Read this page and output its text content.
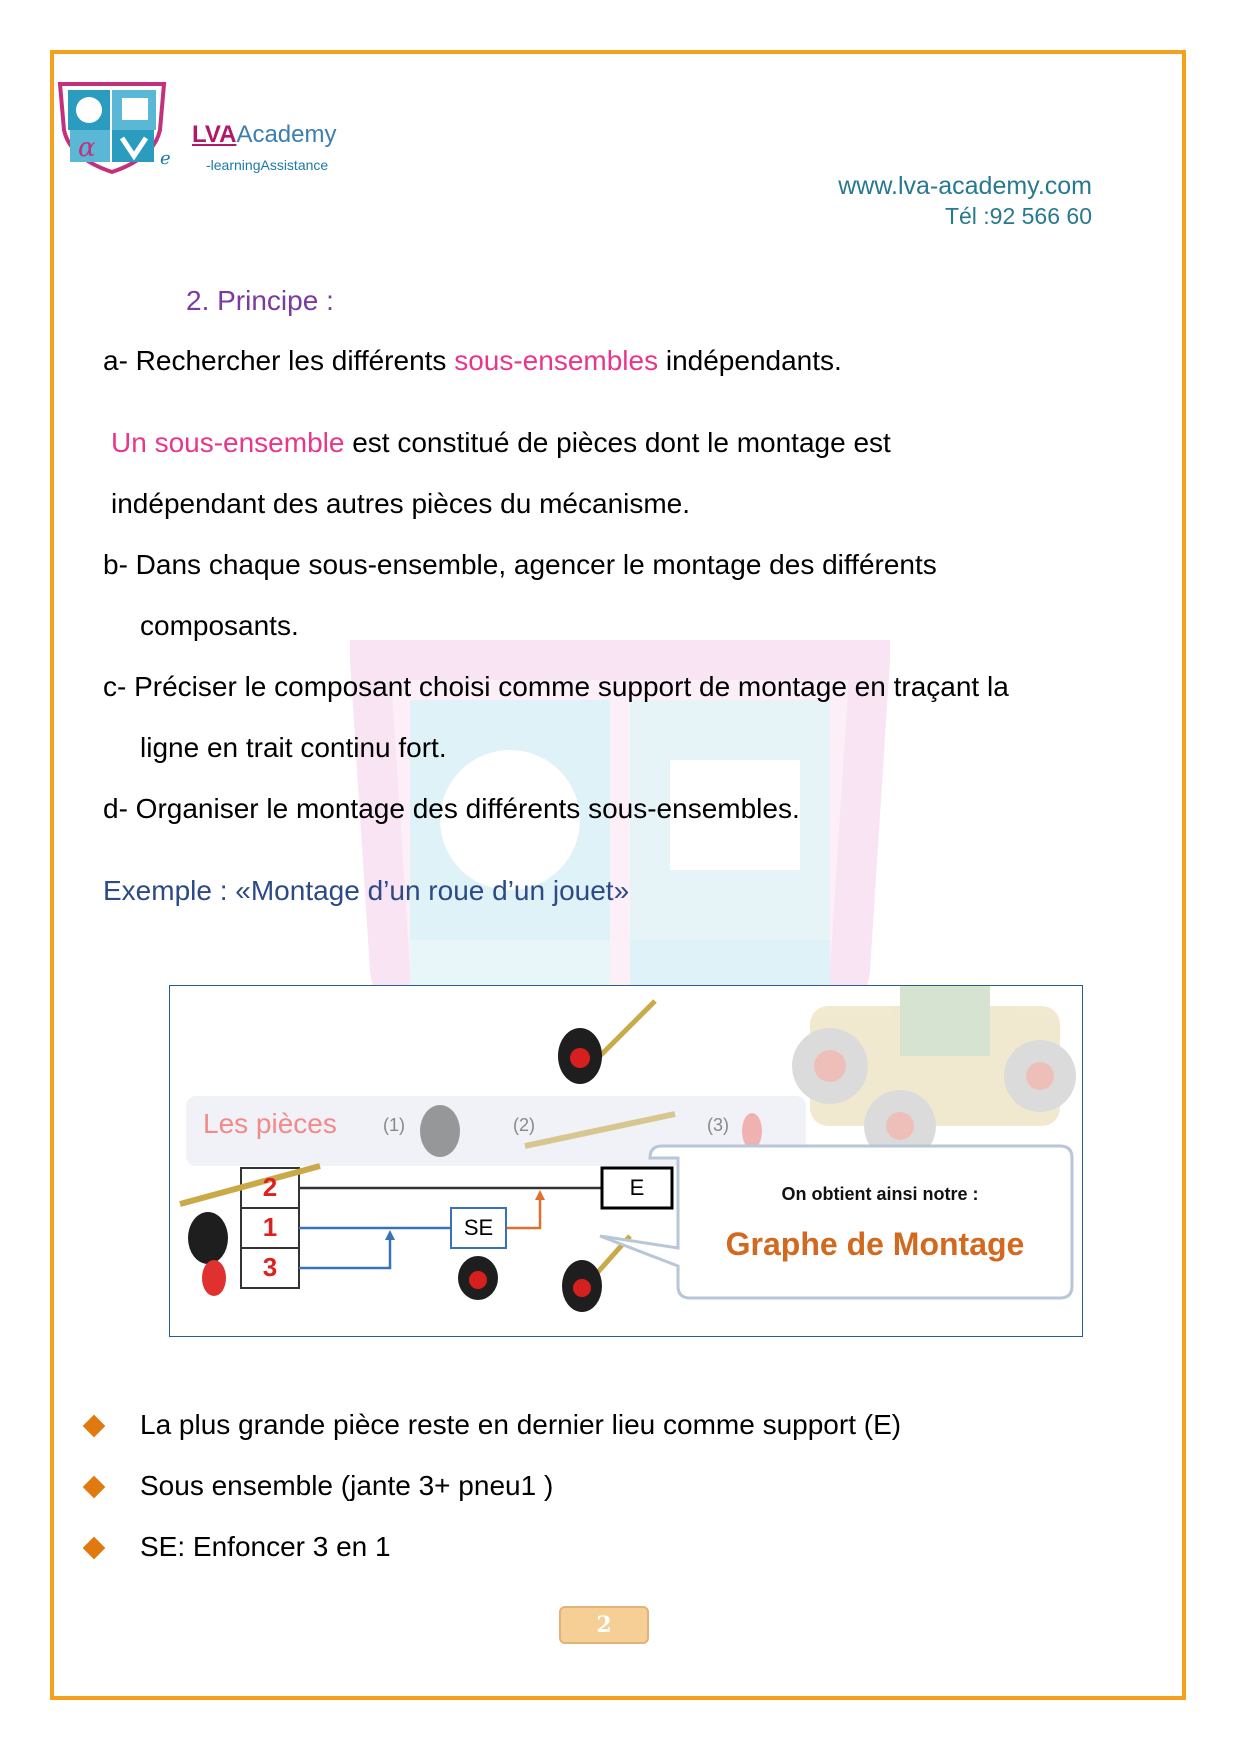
α	LVAAcademy
e	-learningAssistance
www.lva-academy.com
Tél :92 566 60
2. Principe :
a- Rechercher les différents sous-ensembles indépendants.
Un sous-ensemble est constitué de pièces dont le montage est
indépendant des autres pièces du mécanisme.
b- Dans chaque sous-ensemble, agencer le montage des différents
composants.
c- Préciser le composant choisi comme support de montage en traçant la
ligne en trait continu fort.
d- Organiser le montage des différents sous-ensembles.
Exemple : «Montage d’un roue d’un jouet»
Les pièces	(1)	(2)	(3)
2
1
3
SE
E	On obtient ainsi notre :
Graphe de Montage
La plus grande pièce reste en dernier lieu comme support (E)
Sous ensemble (jante 3+ pneu1 )
SE: Enfoncer 3 en 1
2
